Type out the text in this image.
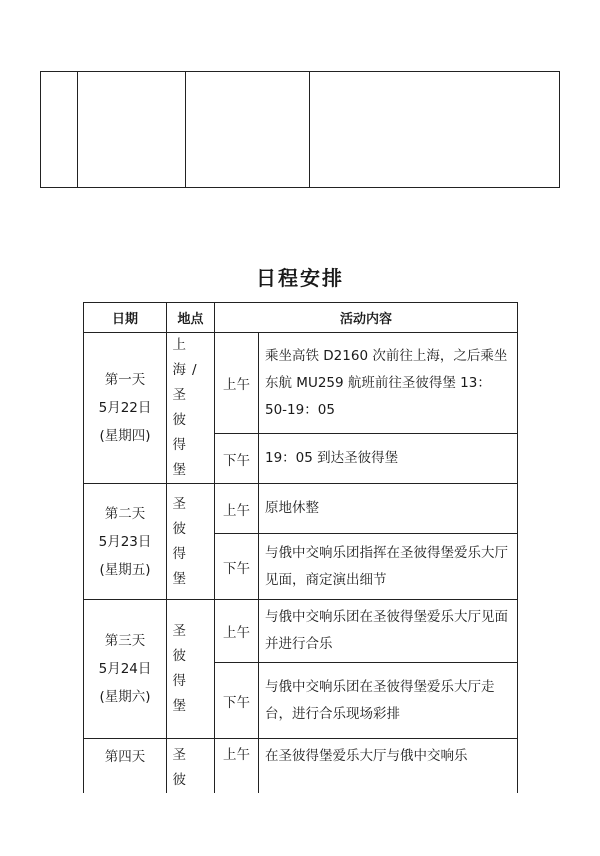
日程安排
日期	地点	活动内容	

第一天
5月22日
(星期四)	上海/圣彼得堡	上午	乘坐高铁 D2160 次前往上海，之后乘坐东航 MU259 航班前往圣彼得堡 13：50-19：05
		下午	19：05 到达圣彼得堡

第二天
5月23日
(星期五)	圣彼得堡	上午	原地休整
		下午	与俄中交响乐团指挥在圣彼得堡爱乐大厅见面，商定演出细节

第三天
5月24日
(星期六)	圣彼得堡	上午	与俄中交响乐团在圣彼得堡爱乐大厅见面并进行合乐
		下午	与俄中交响乐团在圣彼得堡爱乐大厅走台，进行合乐现场彩排

第四天	圣彼	上午	在圣彼得堡爱乐大厅与俄中交响乐
